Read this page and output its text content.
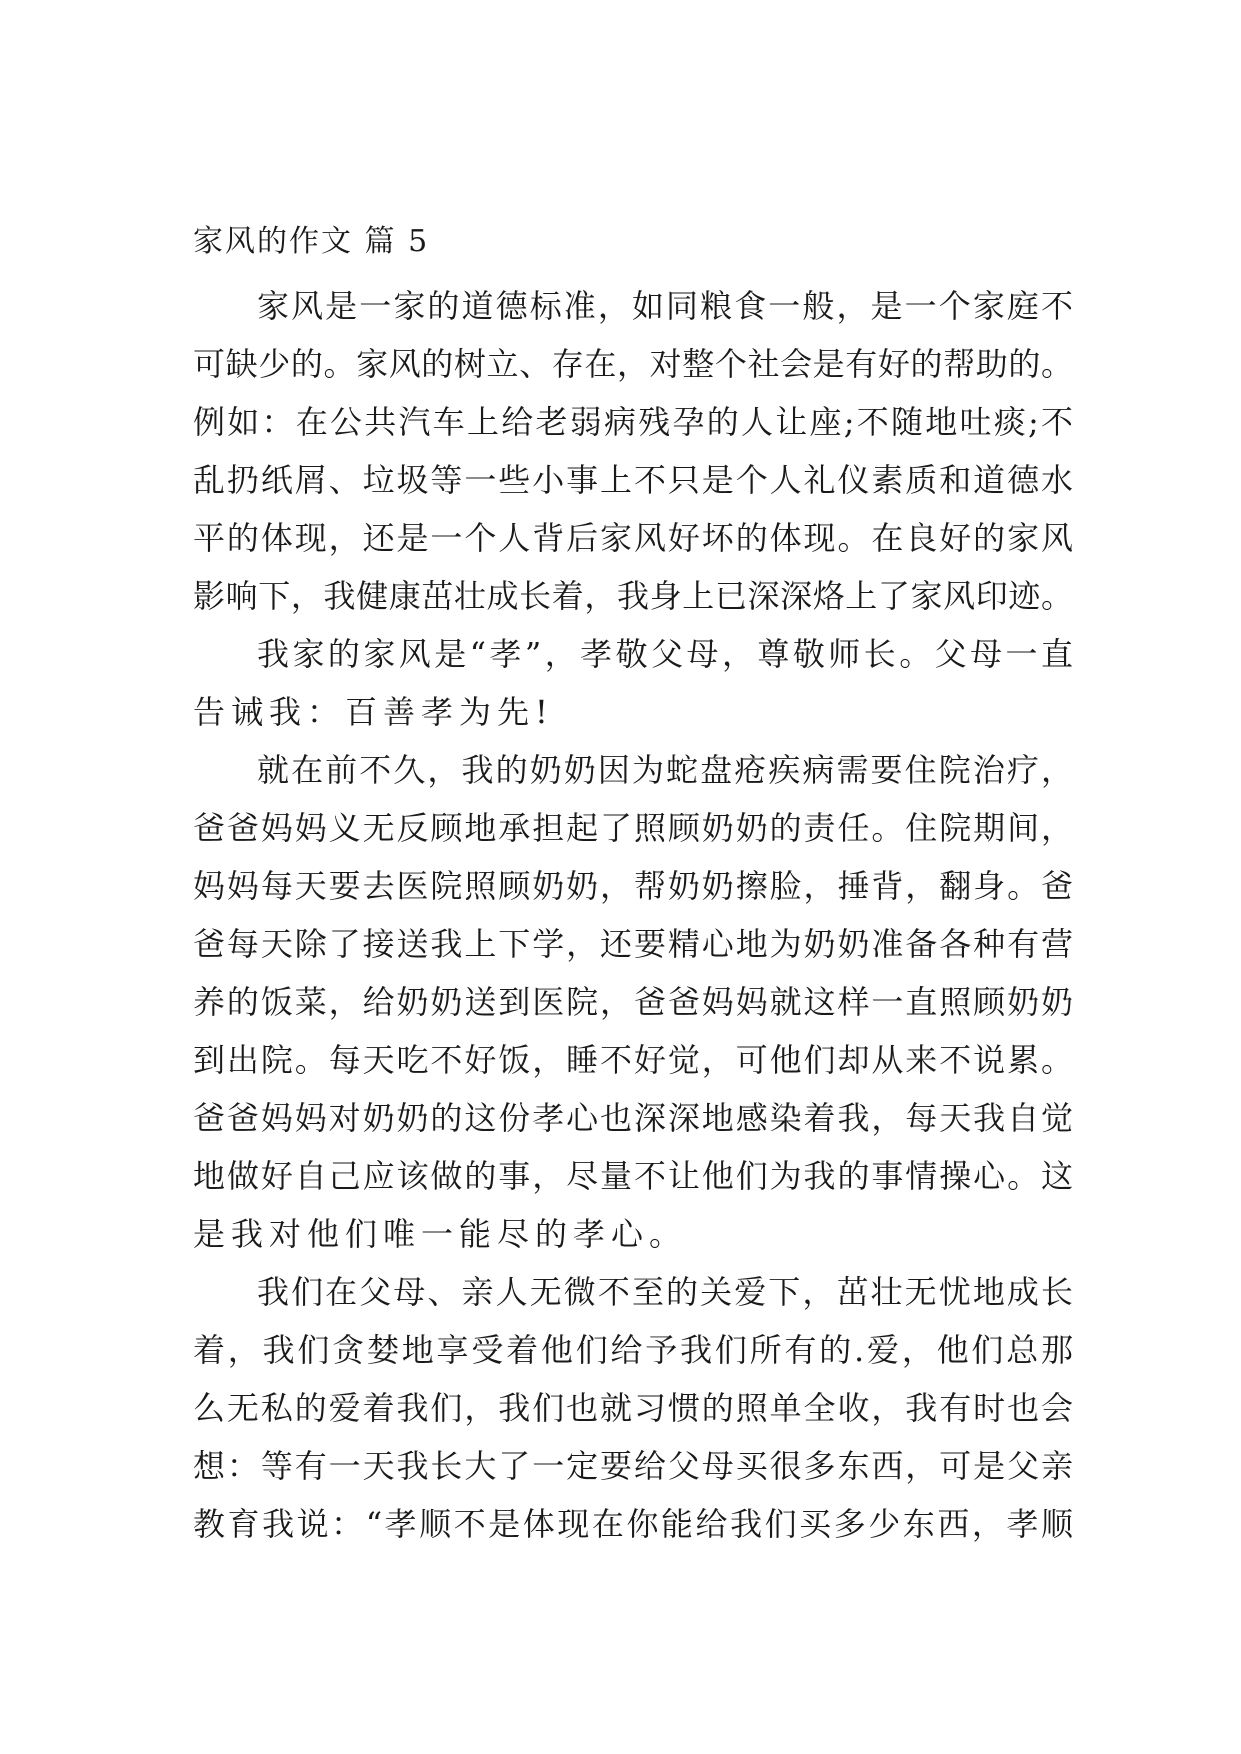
家风的作文 篇 5
家风是一家的道德标准，如同粮食一般，是一个家庭不
可缺少的。家风的树立、存在，对整个社会是有好的帮助的。
例如：在公共汽车上给老弱病残孕的人让座;不随地吐痰;不
乱扔纸屑、垃圾等一些小事上不只是个人礼仪素质和道德水
平的体现，还是一个人背后家风好坏的体现。在良好的家风
影响下，我健康茁壮成长着，我身上已深深烙上了家风印迹。
我家的家风是“孝”，孝敬父母，尊敬师长。父母一直
告诫我：百善孝为先!
就在前不久，我的奶奶因为蛇盘疮疾病需要住院治疗，
爸爸妈妈义无反顾地承担起了照顾奶奶的责任。住院期间，
妈妈每天要去医院照顾奶奶，帮奶奶擦脸，捶背，翻身。爸
爸每天除了接送我上下学，还要精心地为奶奶准备各种有营
养的饭菜，给奶奶送到医院，爸爸妈妈就这样一直照顾奶奶
到出院。每天吃不好饭，睡不好觉，可他们却从来不说累。
爸爸妈妈对奶奶的这份孝心也深深地感染着我，每天我自觉
地做好自己应该做的事，尽量不让他们为我的事情操心。这
是我对他们唯一能尽的孝心。
我们在父母、亲人无微不至的关爱下，茁壮无忧地成长
着，我们贪婪地享受着他们给予我们所有的.爱，他们总那
么无私的爱着我们，我们也就习惯的照单全收，我有时也会
想：等有一天我长大了一定要给父母买很多东西，可是父亲
教育我说：“孝顺不是体现在你能给我们买多少东西，孝顺
